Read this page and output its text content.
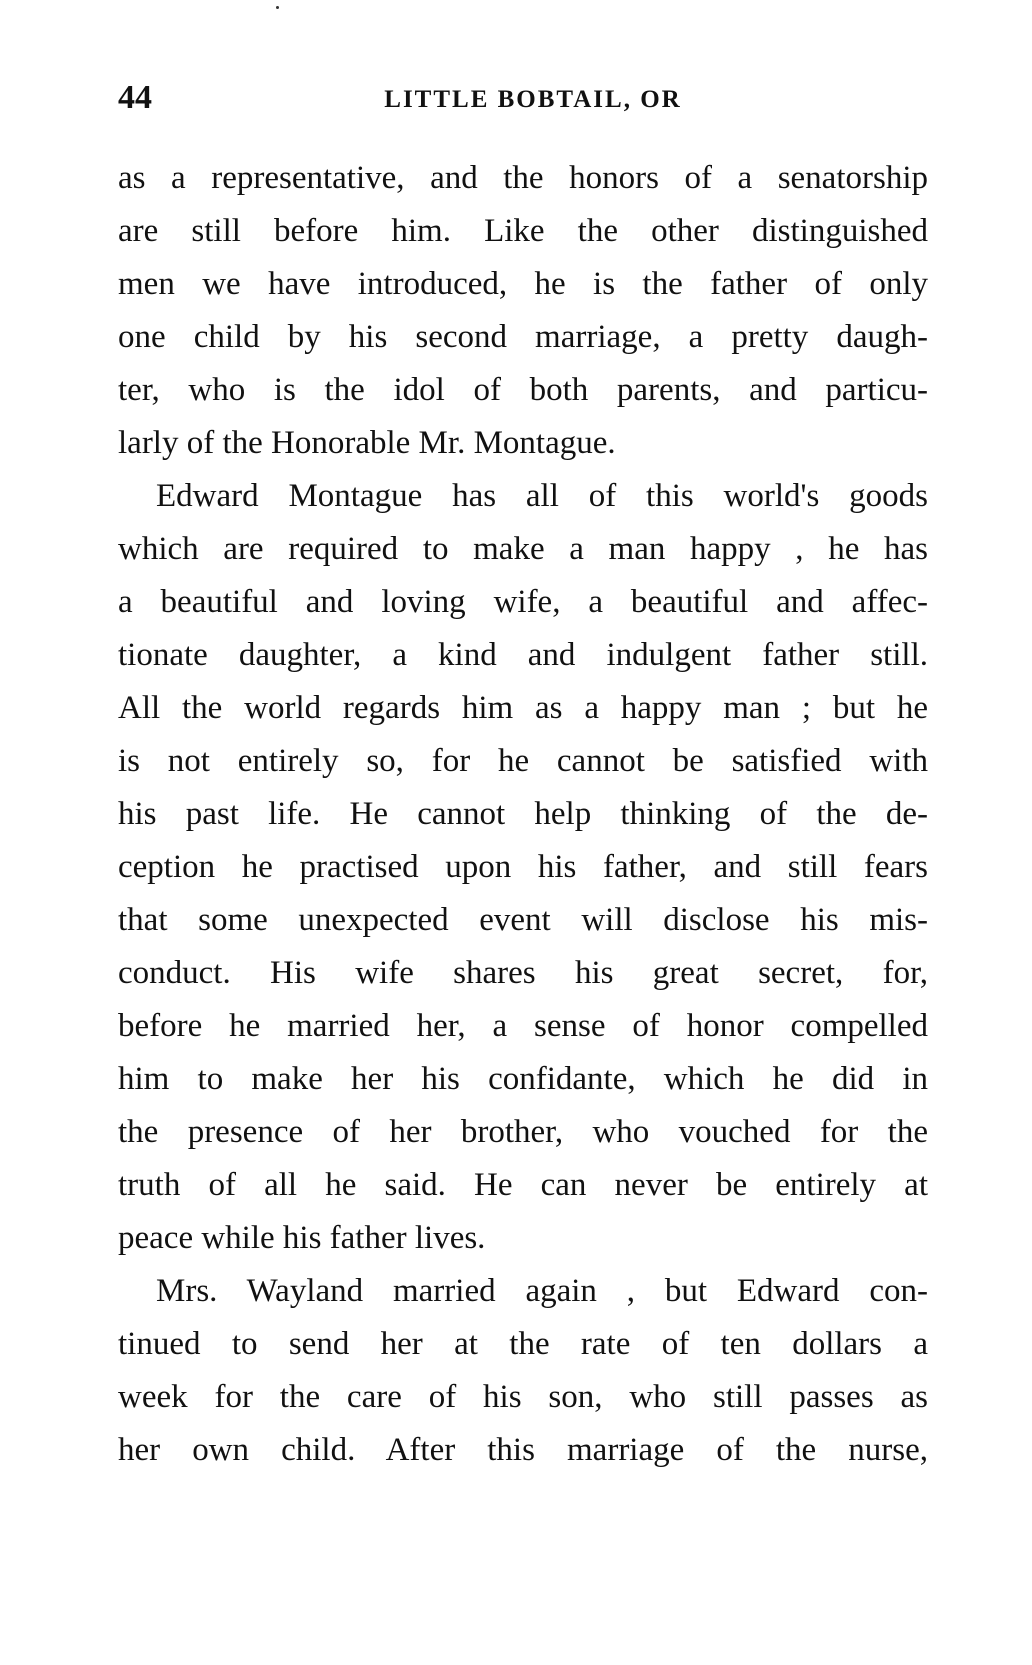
44	LITTLE BOBTAIL, OR
as a representative, and the honors of a senatorship
are still before him. Like the other distinguished
men we have introduced, he is the father of only
one child by his second marriage, a pretty daugh-
ter, who is the idol of both parents, and particu-
larly of the Honorable Mr. Montague.
Edward Montague has all of this world's goods
which are required to make a man happy , he has
a beautiful and loving wife, a beautiful and affec-
tionate daughter, a kind and indulgent father still.
All the world regards him as a happy man ; but he
is not entirely so, for he cannot be satisfied with
his past life. He cannot help thinking of the de-
ception he practised upon his father, and still fears
that some unexpected event will disclose his mis-
conduct. His wife shares his great secret, for,
before he married her, a sense of honor compelled
him to make her his confidante, which he did in
the presence of her brother, who vouched for the
truth of all he said. He can never be entirely at
peace while his father lives.
Mrs. Wayland married again , but Edward con-
tinued to send her at the rate of ten dollars a
week for the care of his son, who still passes as
her own child. After this marriage of the nurse,
